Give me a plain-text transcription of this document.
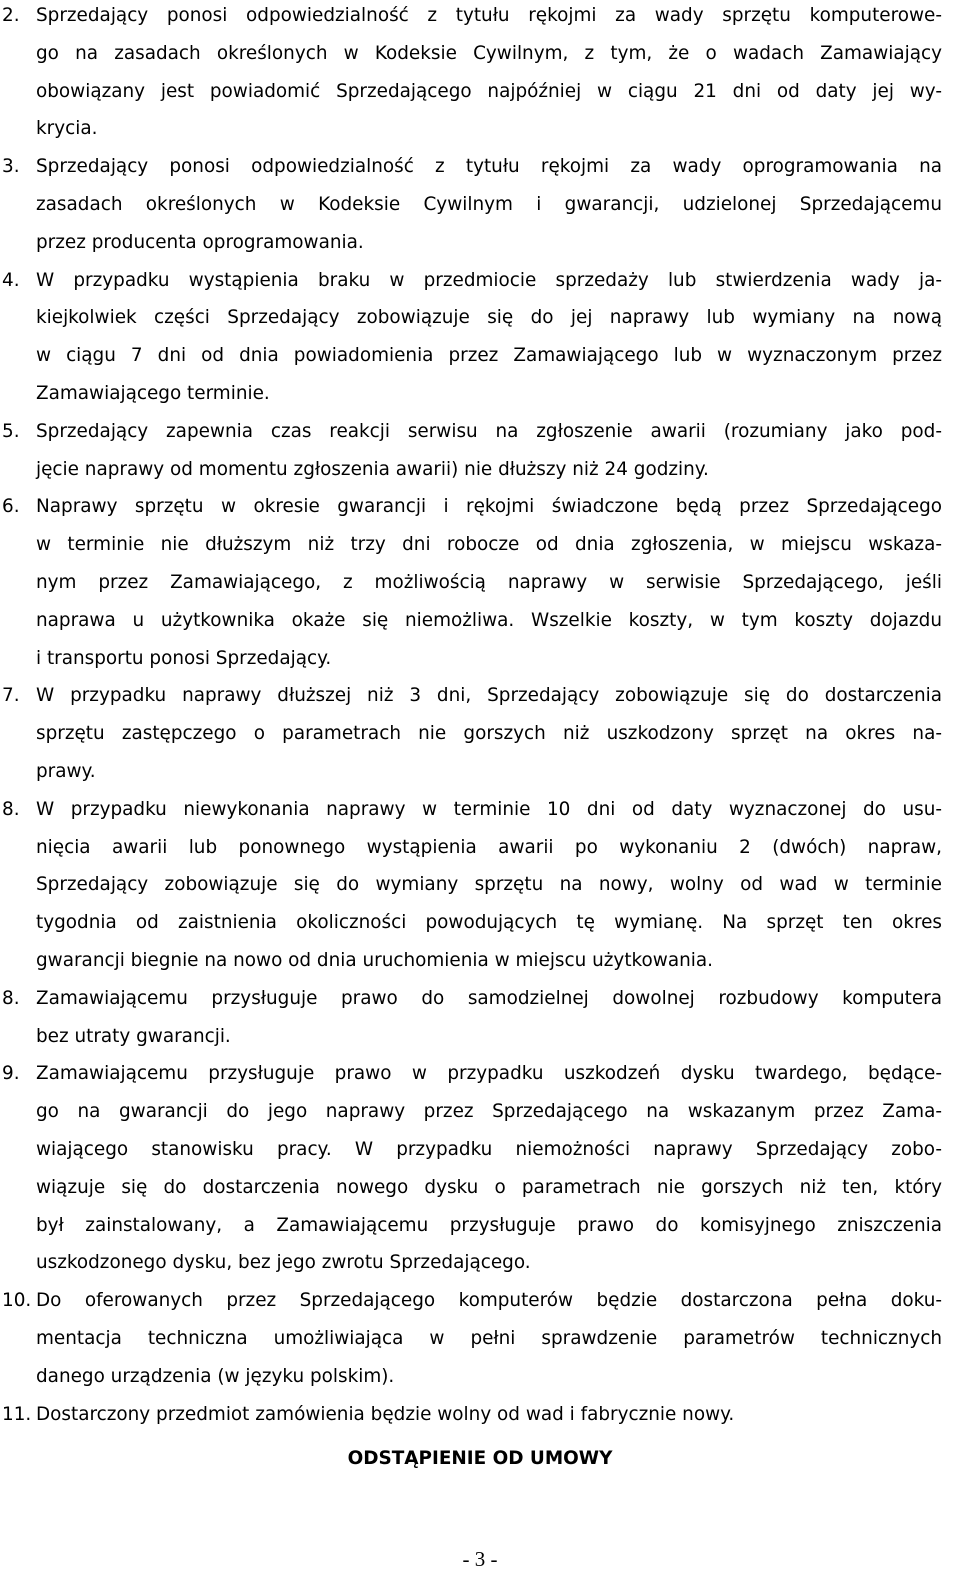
2. Sprzedający ponosi odpowiedzialność z tytułu rękojmi za wady sprzętu komputerowe-
go na zasadach określonych w Kodeksie Cywilnym, z tym, że o wadach Zamawiający
obowiązany jest powiadomić Sprzedającego najpóźniej w ciągu 21 dni od daty jej wy-
krycia.
3. Sprzedający ponosi odpowiedzialność z tytułu rękojmi za wady oprogramowania na
zasadach określonych w Kodeksie Cywilnym i gwarancji, udzielonej Sprzedającemu
przez producenta oprogramowania.
4. W przypadku wystąpienia braku w przedmiocie sprzedaży lub stwierdzenia wady ja-
kiejkolwiek części Sprzedający zobowiązuje się do jej naprawy lub wymiany na nową
w ciągu 7 dni od dnia powiadomienia przez Zamawiającego lub w wyznaczonym przez
Zamawiającego terminie.
5. Sprzedający zapewnia czas reakcji serwisu na zgłoszenie awarii (rozumiany jako pod-
jęcie naprawy od momentu zgłoszenia awarii) nie dłuższy niż 24 godziny.
6. Naprawy sprzętu w okresie gwarancji i rękojmi świadczone będą przez Sprzedającego
w terminie nie dłuższym niż trzy dni robocze od dnia zgłoszenia, w miejscu wskaza-
nym przez Zamawiającego, z możliwością naprawy w serwisie Sprzedającego, jeśli
naprawa u użytkownika okaże się niemożliwa. Wszelkie koszty, w tym koszty dojazdu
i transportu ponosi Sprzedający.
7. W przypadku naprawy dłuższej niż 3 dni, Sprzedający zobowiązuje się do dostarczenia
sprzętu zastępczego o parametrach nie gorszych niż uszkodzony sprzęt na okres na-
prawy.
8. W przypadku niewykonania naprawy w terminie 10 dni od daty wyznaczonej do usu-
nięcia awarii lub ponownego wystąpienia awarii po wykonaniu 2 (dwóch) napraw,
Sprzedający zobowiązuje się do wymiany sprzętu na nowy, wolny od wad w terminie
tygodnia od zaistnienia okoliczności powodujących tę wymianę. Na sprzęt ten okres
gwarancji biegnie na nowo od dnia uruchomienia w miejscu użytkowania.
8. Zamawiającemu przysługuje prawo do samodzielnej dowolnej rozbudowy komputera
bez utraty gwarancji.
9. Zamawiającemu przysługuje prawo w przypadku uszkodzeń dysku twardego, będące-
go na gwarancji do jego naprawy przez Sprzedającego na wskazanym przez Zama-
wiającego stanowisku pracy. W przypadku niemożności naprawy Sprzedający zobo-
wiązuje się do dostarczenia nowego dysku o parametrach nie gorszych niż ten, który
był zainstalowany, a Zamawiającemu przysługuje prawo do komisyjnego zniszczenia
uszkodzonego dysku, bez jego zwrotu Sprzedającego.
10. Do oferowanych przez Sprzedającego komputerów będzie dostarczona pełna doku-
mentacja techniczna umożliwiająca w pełni sprawdzenie parametrów technicznych
danego urządzenia (w języku polskim).
11. Dostarczony przedmiot zamówienia będzie wolny od wad i fabrycznie nowy.
ODSTĄPIENIE OD UMOWY
- 3 -
